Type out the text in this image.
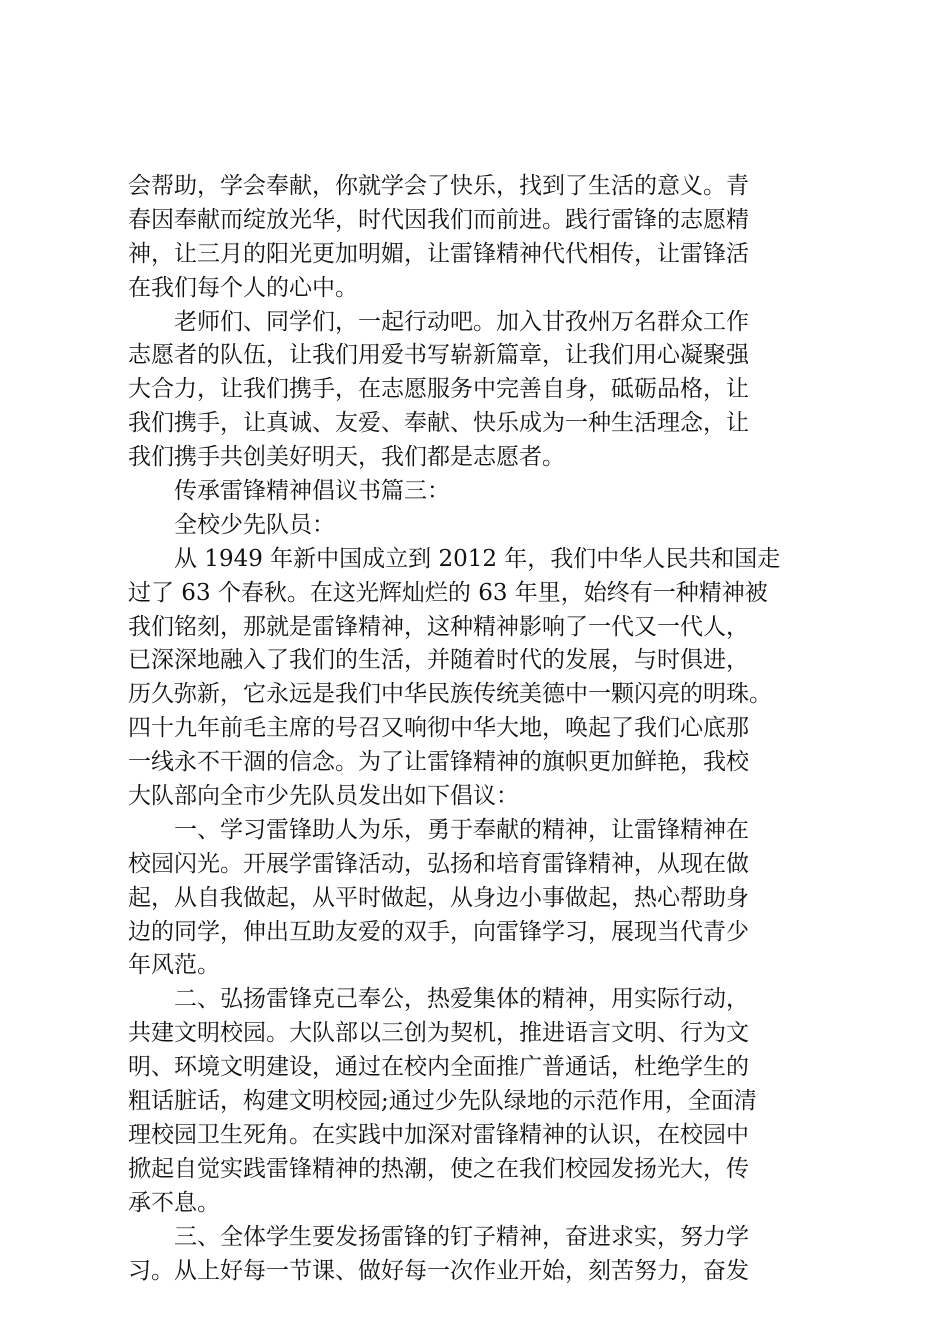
会帮助，学会奉献，你就学会了快乐，找到了生活的意义。青
春因奉献而绽放光华，时代因我们而前进。践行雷锋的志愿精
神，让三月的阳光更加明媚，让雷锋精神代代相传，让雷锋活
在我们每个人的心中。
老师们、同学们，一起行动吧。加入甘孜州万名群众工作
志愿者的队伍，让我们用爱书写崭新篇章，让我们用心凝聚强
大合力，让我们携手，在志愿服务中完善自身，砥砺品格，让
我们携手，让真诚、友爱、奉献、快乐成为一种生活理念，让
我们携手共创美好明天，我们都是志愿者。
传承雷锋精神倡议书篇三：
全校少先队员：
从 1949 年新中国成立到 2012 年，我们中华人民共和国走
过了 63 个春秋。在这光辉灿烂的 63 年里，始终有一种精神被
我们铭刻，那就是雷锋精神，这种精神影响了一代又一代人，
已深深地融入了我们的生活，并随着时代的发展，与时俱进，
历久弥新，它永远是我们中华民族传统美德中一颗闪亮的明珠。
四十九年前毛主席的号召又响彻中华大地，唤起了我们心底那
一线永不干涸的信念。为了让雷锋精神的旗帜更加鲜艳，我校
大队部向全市少先队员发出如下倡议：
一、学习雷锋助人为乐，勇于奉献的精神，让雷锋精神在
校园闪光。开展学雷锋活动，弘扬和培育雷锋精神，从现在做
起，从自我做起，从平时做起，从身边小事做起，热心帮助身
边的同学，伸出互助友爱的双手，向雷锋学习，展现当代青少
年风范。
二、弘扬雷锋克己奉公，热爱集体的精神，用实际行动，
共建文明校园。大队部以三创为契机，推进语言文明、行为文
明、环境文明建设，通过在校内全面推广普通话，杜绝学生的
粗话脏话，构建文明校园;通过少先队绿地的示范作用，全面清
理校园卫生死角。在实践中加深对雷锋精神的认识，在校园中
掀起自觉实践雷锋精神的热潮，使之在我们校园发扬光大，传
承不息。
三、全体学生要发扬雷锋的钉子精神，奋进求实，努力学
习。从上好每一节课、做好每一次作业开始，刻苦努力，奋发
